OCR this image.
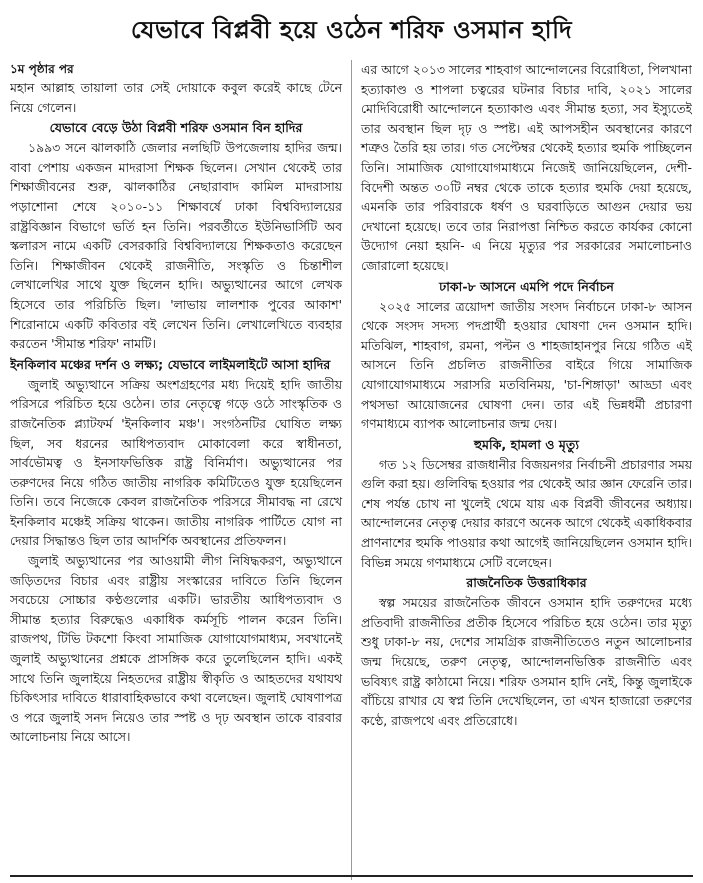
যেভাবে বিপ্লবী হয়ে ওঠেন শরিফ ওসমান হাদি
১ম পৃষ্ঠার পর

মহান আল্লাহ তায়ালা তার সেই দোয়াকে কবুল করেই কাছে টেনে নিয়ে গেলেন।

যেভাবে বেড়ে উঠা বিপ্লবী শরিফ ওসমান বিন হাদির

১৯৯৩ সনে ঝালকাঠি জেলার নলছিটি উপজেলায় হাদির জন্ম। বাবা পেশায় একজন মাদরাসা শিক্ষক ছিলেন। সেখান থেকেই তার শিক্ষাজীবনের শুরু, ঝালকাঠির নেছারাবাদ কামিল মাদরাসায় পড়াশোনা শেষে ২০১০-১১ শিক্ষাবর্ষে ঢাকা বিশ্ববিদ্যালয়ের রাষ্ট্রবিজ্ঞান বিভাগে ভর্তি হন তিনি। পরবর্তীতে ইউনিভার্সিটি অব স্কলারস নামে একটি বেসরকারি বিশ্ববিদ্যালয়ে শিক্ষকতাও করেছেন তিনি। শিক্ষাজীবন থেকেই রাজনীতি, সংস্কৃতি ও চিন্তাশীল লেখালেখির সাথে যুক্ত ছিলেন হাদি। অভ্যুত্থানের আগে লেখক হিসেবে তার পরিচিতি ছিল। 'লাভায় লালশাক পুবের আকাশ' শিরোনামে একটি কবিতার বই লেখেন তিনি। লেখালেখিতে ব্যবহার করতেন 'সীমান্ত শরিফ' নামটি।

ইনকিলাব মঞ্চের দর্শন ও লক্ষ্য; যেভাবে লাইমলাইটে আসা হাদির

জুলাই অভ্যুত্থানে সক্রিয় অংশগ্রহণের মধ্য দিয়েই হাদি জাতীয় পরিসরে পরিচিত হয়ে ওঠেন। তার নেতৃত্বে গড়ে ওঠে সাংস্কৃতিক ও রাজনৈতিক প্ল্যাটফর্ম 'ইনকিলাব মঞ্চ'। সংগঠনটির ঘোষিত লক্ষ্য ছিল, সব ধরনের আধিপত্যবাদ মোকাবেলা করে স্বাধীনতা, সার্বভৌমত্ব ও ইনসাফভিত্তিক রাষ্ট্র বিনির্মাণ। অভ্যুত্থানের পর তরুণদের নিয়ে গঠিত জাতীয় নাগরিক কমিটিতেও যুক্ত হয়েছিলেন তিনি। তবে নিজেকে কেবল রাজনৈতিক পরিসরে সীমাবদ্ধ না রেখে ইনকিলাব মঞ্চেই সক্রিয় থাকেন। জাতীয় নাগরিক পার্টিতে যোগ না দেয়ার সিদ্ধান্তও ছিল তার আদর্শিক অবস্থানের প্রতিফলন।

জুলাই অভ্যুত্থানের পর আওয়ামী লীগ নিষিদ্ধকরণ, অভ্যুত্থানে জড়িতদের বিচার এবং রাষ্ট্রীয় সংস্কারের দাবিতে তিনি ছিলেন সবচেয়ে সোচ্চার কণ্ঠগুলোর একটি। ভারতীয় আধিপত্যবাদ ও সীমান্ত হত্যার বিরুদ্ধেও একাধিক কর্মসূচি পালন করেন তিনি। রাজপথ, টিভি টকশো কিংবা সামাজিক যোগাযোগমাধ্যম, সবখানেই জুলাই অভ্যুত্থানের প্রশ্নকে প্রাসঙ্গিক করে তুলেছিলেন হাদি। একই সাথে তিনি জুলাইয়ে নিহতদের রাষ্ট্রীয় স্বীকৃতি ও আহতদের যথাযথ চিকিৎসার দাবিতে ধারাবাহিকভাবে কথা বলেছেন। জুলাই ঘোষণাপত্র ও পরে জুলাই সনদ নিয়েও তার স্পষ্ট ও দৃঢ় অবস্থান তাকে বারবার আলোচনায় নিয়ে আসে।

এর আগে ২০১৩ সালের শাহবাগ আন্দোলনের বিরোধিতা, পিলখানা হত্যাকাণ্ড ও শাপলা চত্বরের ঘটনার বিচার দাবি, ২০২১ সালের মোদিবিরোধী আন্দোলনে হত্যাকাণ্ড এবং সীমান্ত হত্যা, সব ইস্যুতেই তার অবস্থান ছিল দৃঢ় ও স্পষ্ট। এই আপসহীন অবস্থানের কারণে শত্রুও তৈরি হয় তার। গত সেপ্টেম্বর থেকেই হত্যার হুমকি পাচ্ছিলেন তিনি। সামাজিক যোগাযোগমাধ্যমে নিজেই জানিয়েছিলেন, দেশী-বিদেশী অন্তত ৩০টি নম্বর থেকে তাকে হত্যার হুমকি দেয়া হয়েছে, এমনকি তার পরিবারকে ধর্ষণ ও ঘরবাড়িতে আগুন দেয়ার ভয় দেখানো হয়েছে। তবে তার নিরাপত্তা নিশ্চিত করতে কার্যকর কোনো উদ্যোগ নেয়া হয়নি- এ নিয়ে মৃত্যুর পর সরকারের সমালোচনাও জোরালো হয়েছে।

ঢাকা-৮ আসনে এমপি পদে নির্বাচন

২০২৫ সালের ত্রয়োদশ জাতীয় সংসদ নির্বাচনে ঢাকা-৮ আসন থেকে সংসদ সদস্য পদপ্রার্থী হওয়ার ঘোষণা দেন ওসমান হাদি। মতিঝিল, শাহবাগ, রমনা, পল্টন ও শাহজাহানপুর নিয়ে গঠিত এই আসনে তিনি প্রচলিত রাজনীতির বাইরে গিয়ে সামাজিক যোগাযোগমাধ্যমে সরাসরি মতবিনিময়, 'চা-শিঙ্গাড়া' আড্ডা এবং পথসভা আয়োজনের ঘোষণা দেন। তার এই ভিন্নধর্মী প্রচারণা গণমাধ্যমে ব্যাপক আলোচনার জন্ম দেয়।

হুমকি, হামলা ও মৃত্যু

গত ১২ ডিসেম্বর রাজধানীর বিজয়নগর নির্বাচনী প্রচারণার সময় গুলি করা হয়। গুলিবিদ্ধ হওয়ার পর থেকেই আর জ্ঞান ফেরেনি তার। শেষ পর্যন্ত চোখ না খুলেই থেমে যায় এক বিপ্লবী জীবনের অধ্যায়। আন্দোলনের নেতৃত্ব দেয়ার কারণে অনেক আগে থেকেই একাধিকবার প্রাণনাশের হুমকি পাওয়ার কথা আগেই জানিয়েছিলেন ওসমান হাদি। বিভিন্ন সময়ে গণমাধ্যমে সেটি বলেছেন।

রাজনৈতিক উত্তরাধিকার

স্বল্প সময়ের রাজনৈতিক জীবনে ওসমান হাদি তরুণদের মধ্যে প্রতিবাদী রাজনীতির প্রতীক হিসেবে পরিচিত হয়ে ওঠেন। তার মৃত্যু শুধু ঢাকা-৮ নয়, দেশের সামগ্রিক রাজনীতিতেও নতুন আলোচনার জন্ম দিয়েছে, তরুণ নেতৃত্ব, আন্দোলনভিত্তিক রাজনীতি এবং ভবিষ্যৎ রাষ্ট্র কাঠামো নিয়ে। শরিফ ওসমান হাদি নেই, কিন্তু জুলাইকে বাঁচিয়ে রাখার যে স্বপ্ন তিনি দেখেছিলেন, তা এখন হাজারো তরুণের কণ্ঠে, রাজপথে এবং প্রতিরোধে।
